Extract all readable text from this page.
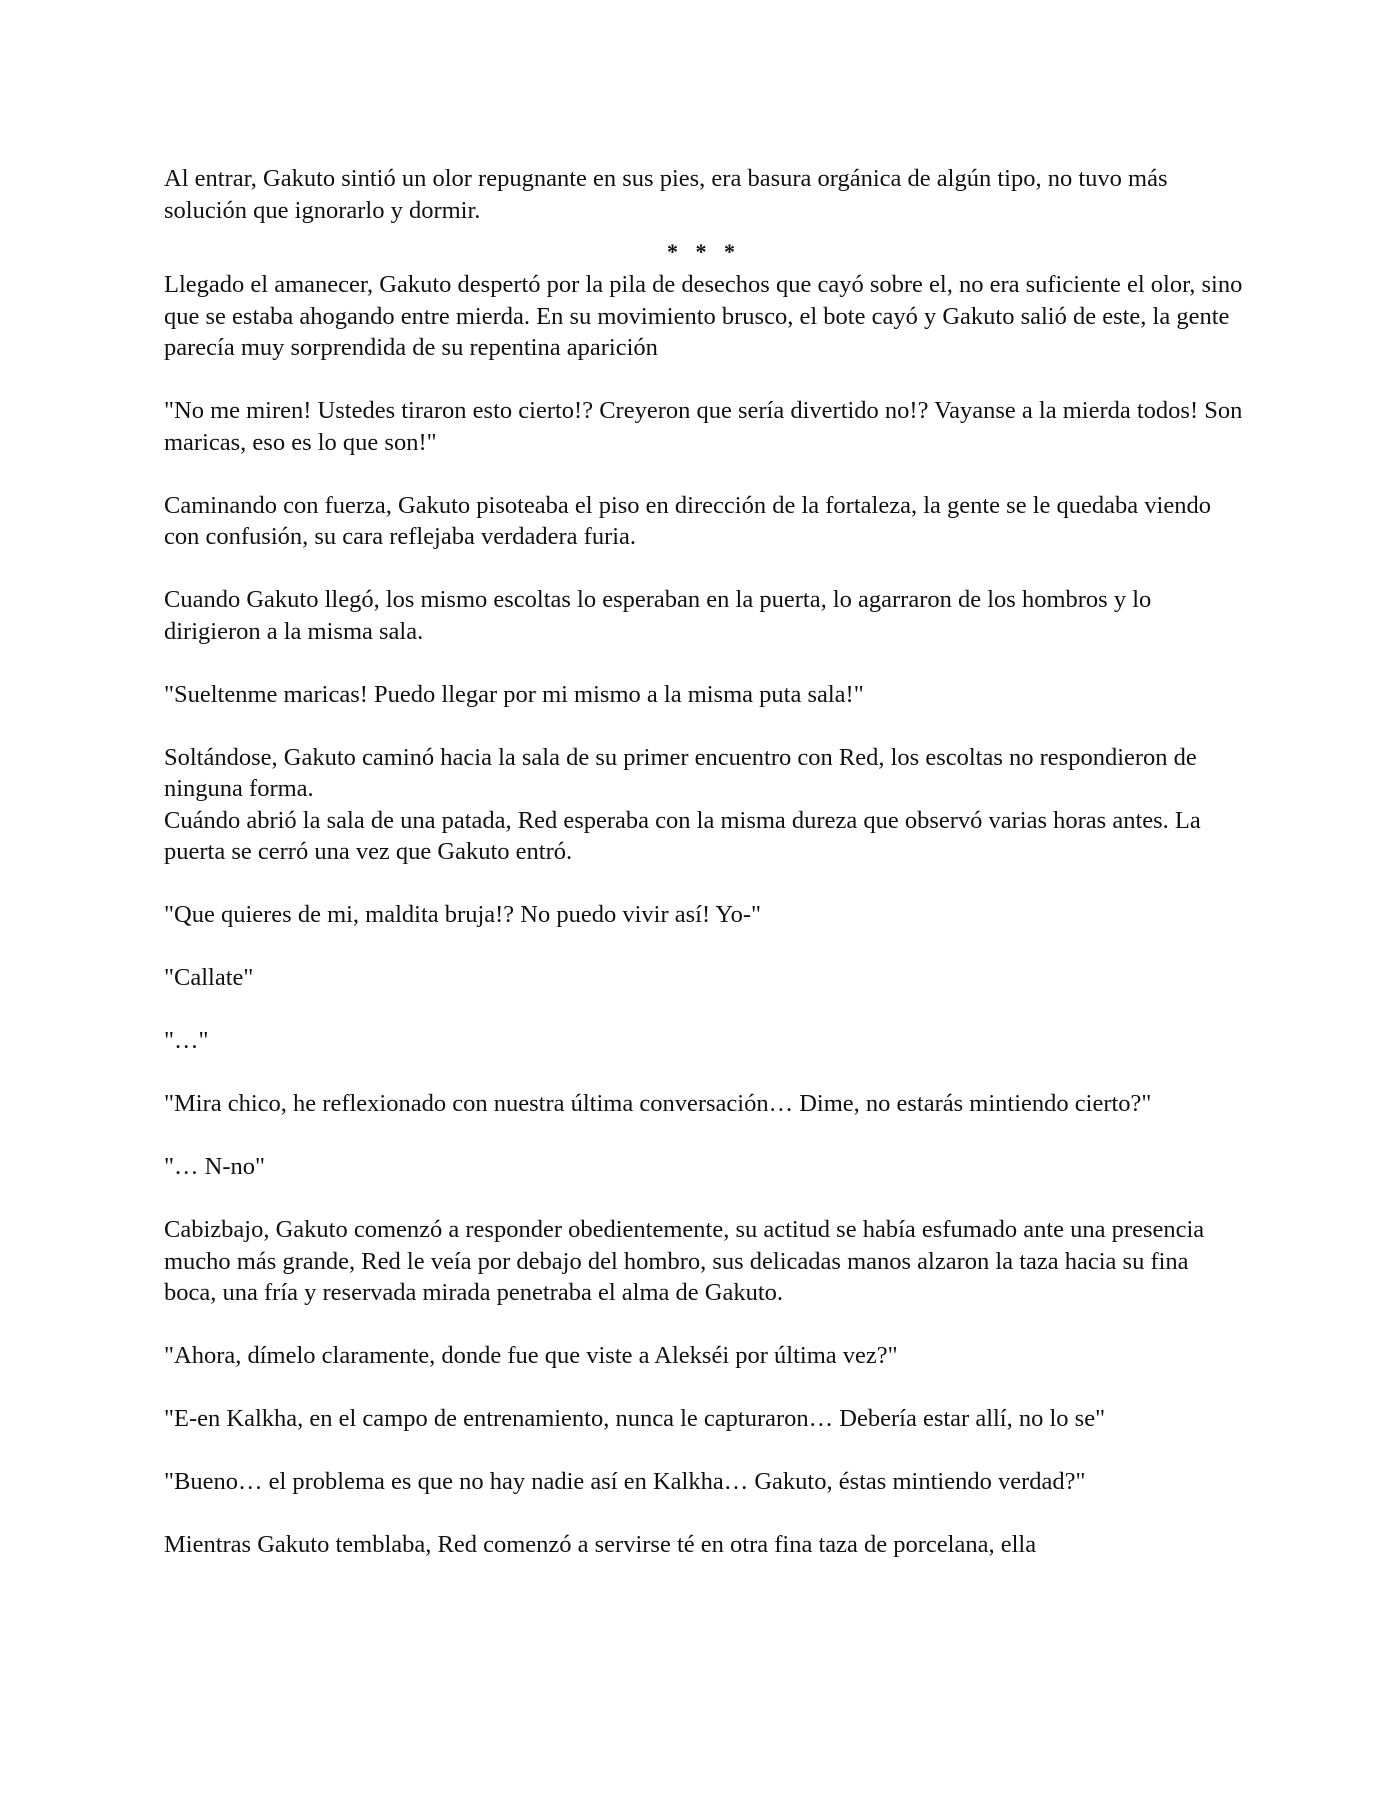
Al entrar, Gakuto sintió un olor repugnante en sus pies, era basura orgánica de algún tipo, no tuvo más solución que ignorarlo y dormir.

* * *

Llegado el amanecer, Gakuto despertó por la pila de desechos que cayó sobre el, no era suficiente el olor, sino que se estaba ahogando entre mierda. En su movimiento brusco, el bote cayó y Gakuto salió de este, la gente parecía muy sorprendida de su repentina aparición

"No me miren! Ustedes tiraron esto cierto!? Creyeron que sería divertido no!? Vayanse a la mierda todos! Son maricas, eso es lo que son!"

Caminando con fuerza, Gakuto pisoteaba el piso en dirección de la fortaleza, la gente se le quedaba viendo con confusión, su cara reflejaba verdadera furia.

Cuando Gakuto llegó, los mismo escoltas lo esperaban en la puerta, lo agarraron de los hombros y lo dirigieron a la misma sala.

"Sueltenme maricas! Puedo llegar por mi mismo a la misma puta sala!"

Soltándose, Gakuto caminó hacia la sala de su primer encuentro con Red, los escoltas no respondieron de ninguna forma.

Cuándo abrió la sala de una patada, Red esperaba con la misma dureza que observó varias horas antes. La puerta se cerró una vez que Gakuto entró.

"Que quieres de mi, maldita bruja!? No puedo vivir así! Yo-"

"Callate"

"…"

"Mira chico, he reflexionado con nuestra última conversación… Dime, no estarás mintiendo cierto?"

"… N-no"

Cabizbajo, Gakuto comenzó a responder obedientemente, su actitud se había esfumado ante una presencia mucho más grande, Red le veía por debajo del hombro, sus delicadas manos alzaron la taza hacia su fina boca, una fría y reservada mirada penetraba el alma de Gakuto.

"Ahora, dímelo claramente, donde fue que viste a Alekséi por última vez?"

"E-en Kalkha, en el campo de entrenamiento, nunca le capturaron… Debería estar allí, no lo se"

"Bueno… el problema es que no hay nadie así en Kalkha… Gakuto, éstas mintiendo verdad?"

Mientras Gakuto temblaba, Red comenzó a servirse té en otra fina taza de porcelana, ella
